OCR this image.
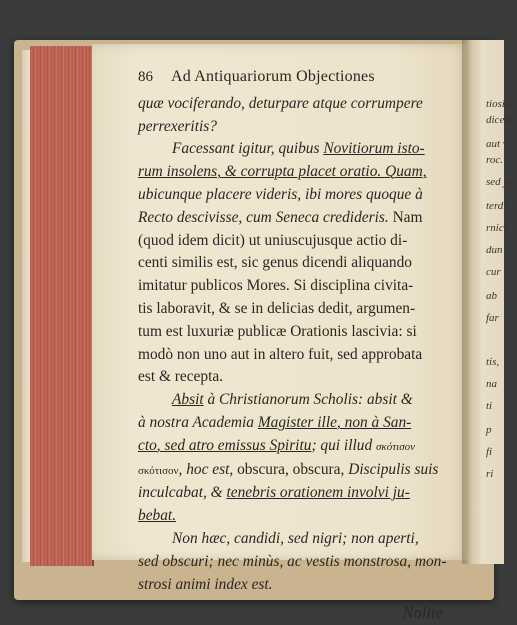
86 Ad Antiquariorum Objectiones
quæ vociferando, deturpare atque corrumpere
perrexeritis?
Facessant igitur, quibus Novitiorum isto-
rum insolens, & corrupta placet oratio. Quam,
ubicunque placere videris, ibi mores quoque à
Recto descivisse, cum Seneca credideris. Nam
(quod idem dicit) ut uniuscujusque actio di-
centi similis est, sic genus dicendi aliquando
imitatur publicos Mores. Si disciplina civita-
tis laboravit, & se in delicias dedit, argumen-
tum est luxuriæ publicæ Orationis lascivia: si
modò non uno aut in altero fuit, sed approbata
est & recepta.
Absit à Christianorum Scholis: absit &
à nostra Academia Magister ille, non à San-
cto, sed atro emissus Spiritu; qui illud σκότισον
σκότισον, hoc est, obscura, obscura, Discipulis suis
inculcabat, & tenebris orationem involvi ju-
bebat.
Non hæc, candidi, sed nigri; non aperti,
sed obscuri; nec minùs, ac vestis monstrosa, mon-
strosi animi index est.
Nolite
tiosissi
dicend
aut v
roc.
sed je
terdi
rnica
dun
cur
ab
far
tis,
na
ti
p
fi
ri
